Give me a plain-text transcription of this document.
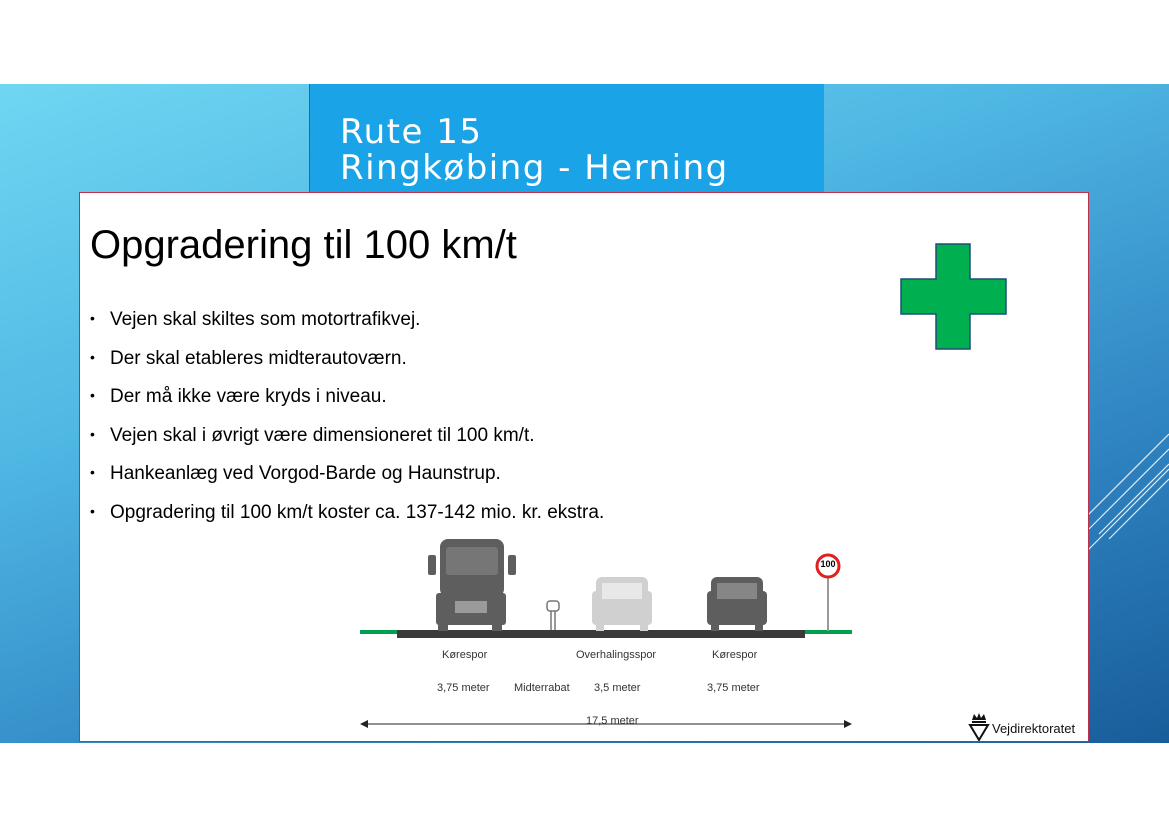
Rute 15
Ringkøbing - Herning
Opgradering til 100 km/t
• Vejen skal skiltes som motortrafikvej.
• Der skal etableres midterautoværn.
• Der må ikke være kryds i niveau.
• Vejen skal i øvrigt være dimensioneret til 100 km/t.
• Hankeanlæg ved Vorgod-Barde og Haunstrup.
• Opgradering til 100 km/t koster ca. 137-142 mio. kr. ekstra.
100
Kørespor	Overhalingsspor	Kørespor
3,75 meter Midterrabat 3,5 meter	3,75 meter
17,5 meter	Vejdirektoratet
